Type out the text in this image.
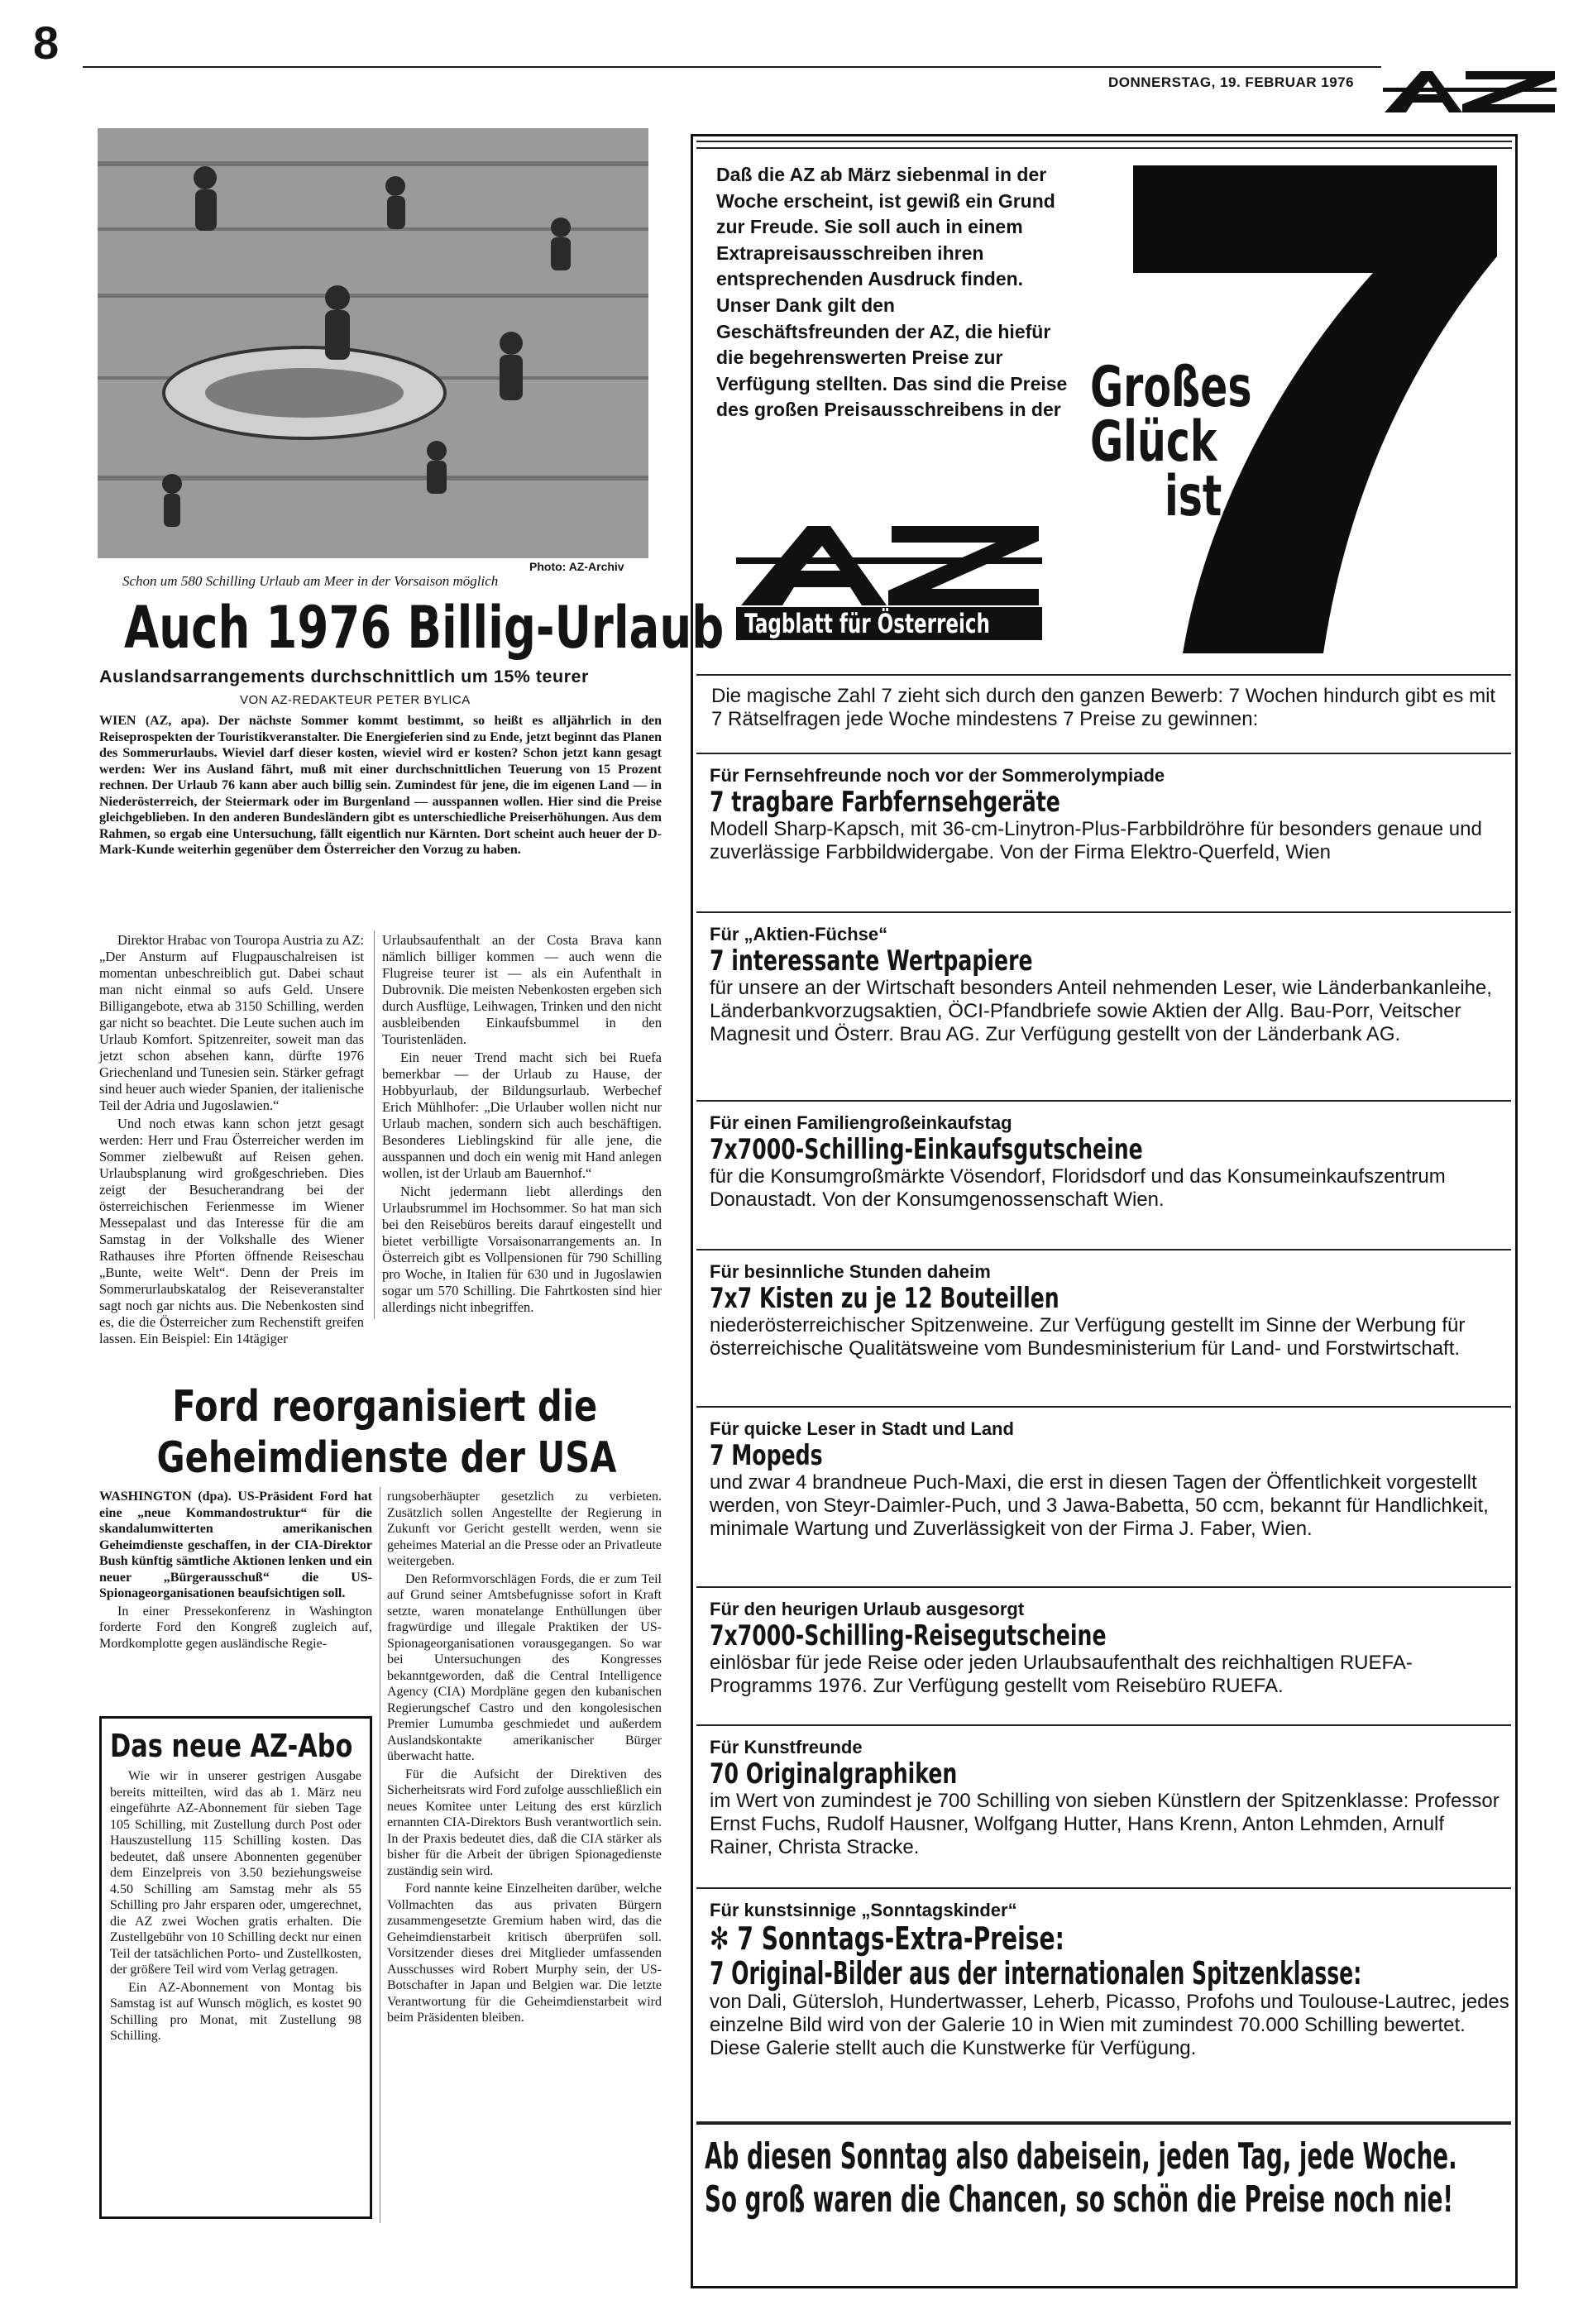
8
DONNERSTAG, 19. FEBRUAR 1976
Photo: AZ-Archiv
Schon um 580 Schilling Urlaub am Meer in der Vorsaison möglich
Auch 1976 Billig-Urlaub
Auslandsarrangements durchschnittlich um 15% teurer
VON AZ-REDAKTEUR PETER BYLICA
WIEN (AZ, apa). Der nächste Sommer kommt bestimmt, so heißt es alljährlich in den Reiseprospekten der Touristikveranstalter. Die Energieferien sind zu Ende, jetzt beginnt das Planen des Sommerurlaubs. Wieviel darf dieser kosten, wieviel wird er kosten? Schon jetzt kann gesagt werden: Wer ins Ausland fährt, muß mit einer durchschnittlichen Teuerung von 15 Prozent rechnen. Der Urlaub 76 kann aber auch billig sein. Zumindest für jene, die im eigenen Land — in Niederösterreich, der Steiermark oder im Burgenland — ausspannen wollen. Hier sind die Preise gleichgeblieben. In den anderen Bundesländern gibt es unterschiedliche Preiserhöhungen. Aus dem Rahmen, so ergab eine Untersuchung, fällt eigentlich nur Kärnten. Dort scheint auch heuer der D-Mark-Kunde weiterhin gegenüber dem Österreicher den Vorzug zu haben.

Direktor Hrabac von Touropa Austria zu AZ: „Der Ansturm auf Flugpauschalreisen ist momentan unbeschreiblich gut. Dabei schaut man nicht einmal so aufs Geld. Unsere Billigangebote, etwa ab 3150 Schilling, werden gar nicht so beachtet. Die Leute suchen auch im Urlaub Komfort. Spitzenreiter, soweit man das jetzt schon absehen kann, dürfte 1976 Griechenland und Tunesien sein. Stärker gefragt sind heuer auch wieder Spanien, der italienische Teil der Adria und Jugoslawien.“

Und noch etwas kann schon jetzt gesagt werden: Herr und Frau Österreicher werden im Sommer zielbewußt auf Reisen gehen. Urlaubsplanung wird großgeschrieben. Dies zeigt der Besucherandrang bei der österreichischen Ferienmesse im Wiener Messepalast und das Interesse für die am Samstag in der Volkshalle des Wiener Rathauses ihre Pforten öffnende Reiseschau „Bunte, weite Welt“. Denn der Preis im Sommerurlaubskatalog der Reiseveranstalter sagt noch gar nichts aus. Die Nebenkosten sind es, die die Österreicher zum Rechenstift greifen lassen. Ein Beispiel: Ein 14tägiger

Urlaubsaufenthalt an der Costa Brava kann nämlich billiger kommen — auch wenn die Flugreise teurer ist — als ein Aufenthalt in Dubrovnik. Die meisten Nebenkosten ergeben sich durch Ausflüge, Leihwagen, Trinken und den nicht ausbleibenden Einkaufsbummel in den Touristenläden.

Ein neuer Trend macht sich bei Ruefa bemerkbar — der Urlaub zu Hause, der Hobbyurlaub, der Bildungsurlaub. Werbechef Erich Mühlhofer: „Die Urlauber wollen nicht nur Urlaub machen, sondern sich auch beschäftigen. Besonderes Lieblingskind für alle jene, die ausspannen und doch ein wenig mit Hand anlegen wollen, ist der Urlaub am Bauernhof.“

Nicht jedermann liebt allerdings den Urlaubsrummel im Hochsommer. So hat man sich bei den Reisebüros bereits darauf eingestellt und bietet verbilligte Vorsaisonarrangements an. In Österreich gibt es Vollpensionen für 790 Schilling pro Woche, in Italien für 630 und in Jugoslawien sogar um 570 Schilling. Die Fahrtkosten sind hier allerdings nicht inbegriffen.

Ford reorganisiert die
Geheimdienste der USA

WASHINGTON (dpa). US-Präsident Ford hat eine „neue Kommandostruktur“ für die skandalumwitterten amerikanischen Geheimdienste geschaffen, in der CIA-Direktor Bush künftig sämtliche Aktionen lenken und ein neuer „Bürgerausschuß“ die US-Spionageorganisationen beaufsichtigen soll.

In einer Pressekonferenz in Washington forderte Ford den Kongreß zugleich auf, Mordkomplotte gegen ausländische Regie-

Das neue AZ-Abo

Wie wir in unserer gestrigen Ausgabe bereits mitteilten, wird das ab 1. März neu eingeführte AZ-Abonnement für sieben Tage 105 Schilling, mit Zustellung durch Post oder Hauszustellung 115 Schilling kosten. Das bedeutet, daß unsere Abonnenten gegenüber dem Einzelpreis von 3.50 beziehungsweise 4.50 Schilling am Samstag mehr als 55 Schilling pro Jahr ersparen oder, umgerechnet, die AZ zwei Wochen gratis erhalten. Die Zustellgebühr von 10 Schilling deckt nur einen Teil der tatsächlichen Porto- und Zustellkosten, der größere Teil wird vom Verlag getragen.

Ein AZ-Abonnement von Montag bis Samstag ist auf Wunsch möglich, es kostet 90 Schilling pro Monat, mit Zustellung 98 Schilling.

rungsoberhäupter gesetzlich zu verbieten. Zusätzlich sollen Angestellte der Regierung in Zukunft vor Gericht gestellt werden, wenn sie geheimes Material an die Presse oder an Privatleute weitergeben.

Den Reformvorschlägen Fords, die er zum Teil auf Grund seiner Amtsbefugnisse sofort in Kraft setzte, waren monatelange Enthüllungen über fragwürdige und illegale Praktiken der US-Spionageorganisationen vorausgegangen. So war bei Untersuchungen des Kongresses bekanntgeworden, daß die Central Intelligence Agency (CIA) Mordpläne gegen den kubanischen Regierungschef Castro und den kongolesischen Premier Lumumba geschmiedet und außerdem Auslandskontakte amerikanischer Bürger überwacht hatte.

Für die Aufsicht der Direktiven des Sicherheitsrats wird Ford zufolge ausschließlich ein neues Komitee unter Leitung des erst kürzlich ernannten CIA-Direktors Bush verantwortlich sein. In der Praxis bedeutet dies, daß die CIA stärker als bisher für die Arbeit der übrigen Spionagedienste zuständig sein wird.

Ford nannte keine Einzelheiten darüber, welche Vollmachten das aus privaten Bürgern zusammengesetzte Gremium haben wird, das die Geheimdienstarbeit kritisch überprüfen soll. Vorsitzender dieses drei Mitglieder umfassenden Ausschusses wird Robert Murphy sein, der US-Botschafter in Japan und Belgien war. Die letzte Verantwortung für die Geheimdienstarbeit wird beim Präsidenten bleiben.

Daß die AZ ab März siebenmal in der Woche erscheint, ist gewiß ein Grund zur Freude. Sie soll auch in einem Extrapreisausschreiben ihren entsprechenden Ausdruck finden. Unser Dank gilt den Geschäftsfreunden der AZ, die hiefür die begehrenswerten Preise zur Verfügung stellten. Das sind die Preise des großen Preisausschreibens in der Großes
Glück
ist
Tagblatt für Österreich
Die magische Zahl 7 zieht sich durch den ganzen Bewerb: 7 Wochen hindurch gibt es mit 7 Rätselfragen jede Woche mindestens 7 Preise zu gewinnen:
Für Fernsehfreunde noch vor der Sommerolympiade
7 tragbare Farbfernsehgeräte
Modell Sharp-Kapsch, mit 36-cm-Linytron-Plus-Farbbildröhre für besonders genaue und zuverlässige Farbbildwidergabe. Von der Firma Elektro-Querfeld, Wien
Für „Aktien-Füchse“
7 interessante Wertpapiere
für unsere an der Wirtschaft besonders Anteil nehmenden Leser, wie Länderbankanleihe, Länderbankvorzugsaktien, ÖCI-Pfandbriefe sowie Aktien der Allg. Bau-Porr, Veitscher Magnesit und Österr. Brau AG. Zur Verfügung gestellt von der Länderbank AG.
Für einen Familiengroßeinkaufstag
7x7000-Schilling-Einkaufsgutscheine
für die Konsumgroßmärkte Vösendorf, Floridsdorf und das Konsumeinkaufszentrum Donaustadt. Von der Konsumgenossenschaft Wien.
Für besinnliche Stunden daheim
7x7 Kisten zu je 12 Bouteillen
niederösterreichischer Spitzenweine. Zur Verfügung gestellt im Sinne der Werbung für österreichische Qualitätsweine vom Bundesministerium für Land- und Forstwirtschaft.
Für quicke Leser in Stadt und Land
7 Mopeds
und zwar 4 brandneue Puch-Maxi, die erst in diesen Tagen der Öffentlichkeit vorgestellt werden, von Steyr-Daimler-Puch, und 3 Jawa-Babetta, 50 ccm, bekannt für Handlichkeit, minimale Wartung und Zuverlässigkeit von der Firma J. Faber, Wien.
Für den heurigen Urlaub ausgesorgt
7x7000-Schilling-Reisegutscheine
einlösbar für jede Reise oder jeden Urlaubsaufenthalt des reichhaltigen RUEFA-Programms 1976. Zur Verfügung gestellt vom Reisebüro RUEFA.
Für Kunstfreunde
70 Originalgraphiken
im Wert von zumindest je 700 Schilling von sieben Künstlern der Spitzenklasse: Professor Ernst Fuchs, Rudolf Hausner, Wolfgang Hutter, Hans Krenn, Anton Lehmden, Arnulf Rainer, Christa Stracke.
Für kunstsinnige „Sonntagskinder“
✻ 7 Sonntags-Extra-Preise:
7 Original-Bilder aus der internationalen Spitzenklasse:
von Dali, Gütersloh, Hundertwasser, Leherb, Picasso, Profohs und Toulouse-Lautrec, jedes einzelne Bild wird von der Galerie 10 in Wien mit zumindest 70.000 Schilling bewertet. Diese Galerie stellt auch die Kunstwerke für Verfügung.
Ab diesen Sonntag also dabeisein, jeden Tag, jede Woche.
So groß waren die Chancen, so schön die Preise noch nie!
